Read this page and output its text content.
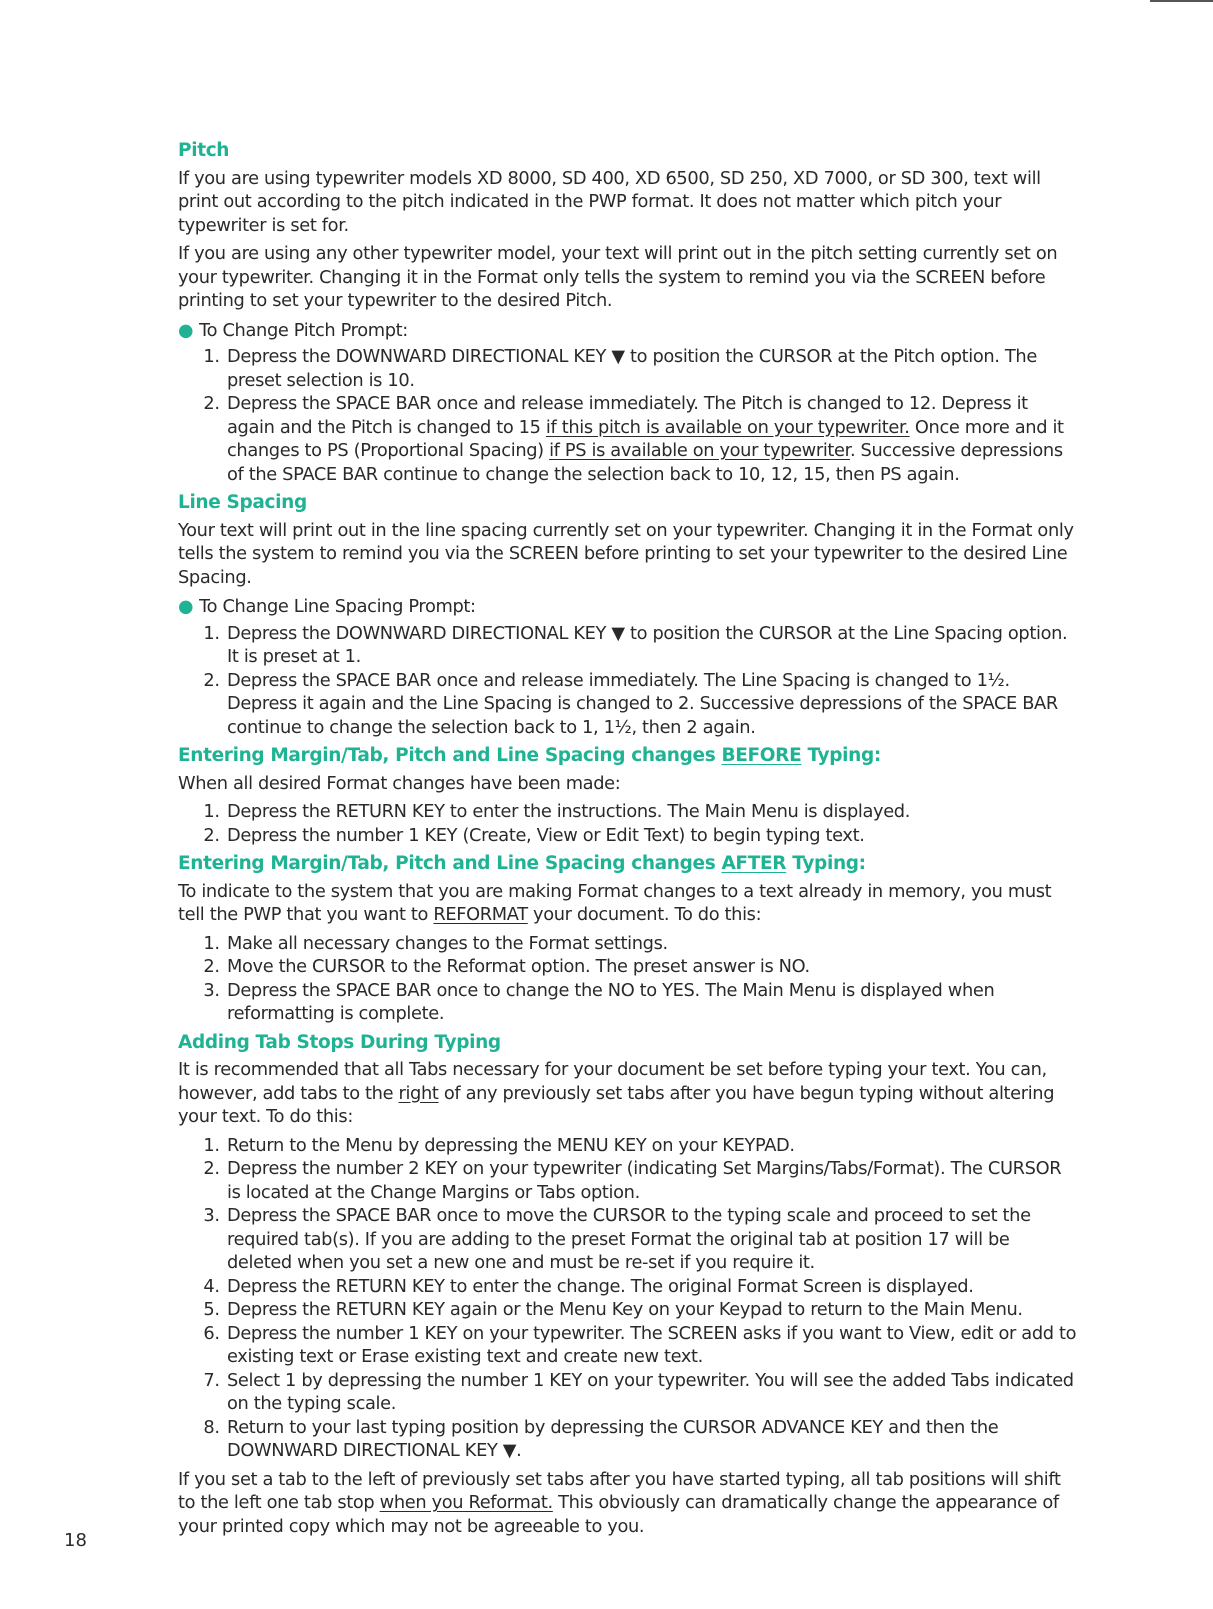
Pitch

If you are using typewriter models XD 8000, SD 400, XD 6500, SD 250, XD 7000, or SD 300, text will print out according to the pitch indicated in the PWP format. It does not matter which pitch your typewriter is set for.

If you are using any other typewriter model, your text will print out in the pitch setting currently set on your typewriter. Changing it in the Format only tells the system to remind you via the SCREEN before printing to set your typewriter to the desired Pitch.

● To Change Pitch Prompt:
1. Depress the DOWNWARD DIRECTIONAL KEY ▼ to position the CURSOR at the Pitch option. The preset selection is 10.
2. Depress the SPACE BAR once and release immediately. The Pitch is changed to 12. Depress it again and the Pitch is changed to 15 if this pitch is available on your typewriter. Once more and it changes to PS (Proportional Spacing) if PS is available on your typewriter. Successive depressions of the SPACE BAR continue to change the selection back to 10, 12, 15, then PS again.
Line Spacing

Your text will print out in the line spacing currently set on your typewriter. Changing it in the Format only tells the system to remind you via the SCREEN before printing to set your typewriter to the desired Line Spacing.

● To Change Line Spacing Prompt:
1. Depress the DOWNWARD DIRECTIONAL KEY ▼ to position the CURSOR at the Line Spacing option. It is preset at 1.
2. Depress the SPACE BAR once and release immediately. The Line Spacing is changed to 1½. Depress it again and the Line Spacing is changed to 2. Successive depressions of the SPACE BAR continue to change the selection back to 1, 1½, then 2 again.
Entering Margin/Tab, Pitch and Line Spacing changes BEFORE Typing:

When all desired Format changes have been made:

1. Depress the RETURN KEY to enter the instructions. The Main Menu is displayed.
2. Depress the number 1 KEY (Create, View or Edit Text) to begin typing text.
Entering Margin/Tab, Pitch and Line Spacing changes AFTER Typing:

To indicate to the system that you are making Format changes to a text already in memory, you must tell the PWP that you want to REFORMAT your document. To do this:

1. Make all necessary changes to the Format settings.
2. Move the CURSOR to the Reformat option. The preset answer is NO.
3. Depress the SPACE BAR once to change the NO to YES. The Main Menu is displayed when reformatting is complete.
Adding Tab Stops During Typing

It is recommended that all Tabs necessary for your document be set before typing your text. You can, however, add tabs to the right of any previously set tabs after you have begun typing without altering your text. To do this:

1. Return to the Menu by depressing the MENU KEY on your KEYPAD.
2. Depress the number 2 KEY on your typewriter (indicating Set Margins/Tabs/Format). The CURSOR is located at the Change Margins or Tabs option.
3. Depress the SPACE BAR once to move the CURSOR to the typing scale and proceed to set the required tab(s). If you are adding to the preset Format the original tab at position 17 will be deleted when you set a new one and must be re-set if you require it.
4. Depress the RETURN KEY to enter the change. The original Format Screen is displayed.
5. Depress the RETURN KEY again or the Menu Key on your Keypad to return to the Main Menu.
6. Depress the number 1 KEY on your typewriter. The SCREEN asks if you want to View, edit or add to existing text or Erase existing text and create new text.
7. Select 1 by depressing the number 1 KEY on your typewriter. You will see the added Tabs indicated on the typing scale.
8. Return to your last typing position by depressing the CURSOR ADVANCE KEY and then the DOWNWARD DIRECTIONAL KEY ▼.

If you set a tab to the left of previously set tabs after you have started typing, all tab positions will shift to the left one tab stop when you Reformat. This obviously can dramatically change the appearance of your printed copy which may not be agreeable to you.

18
